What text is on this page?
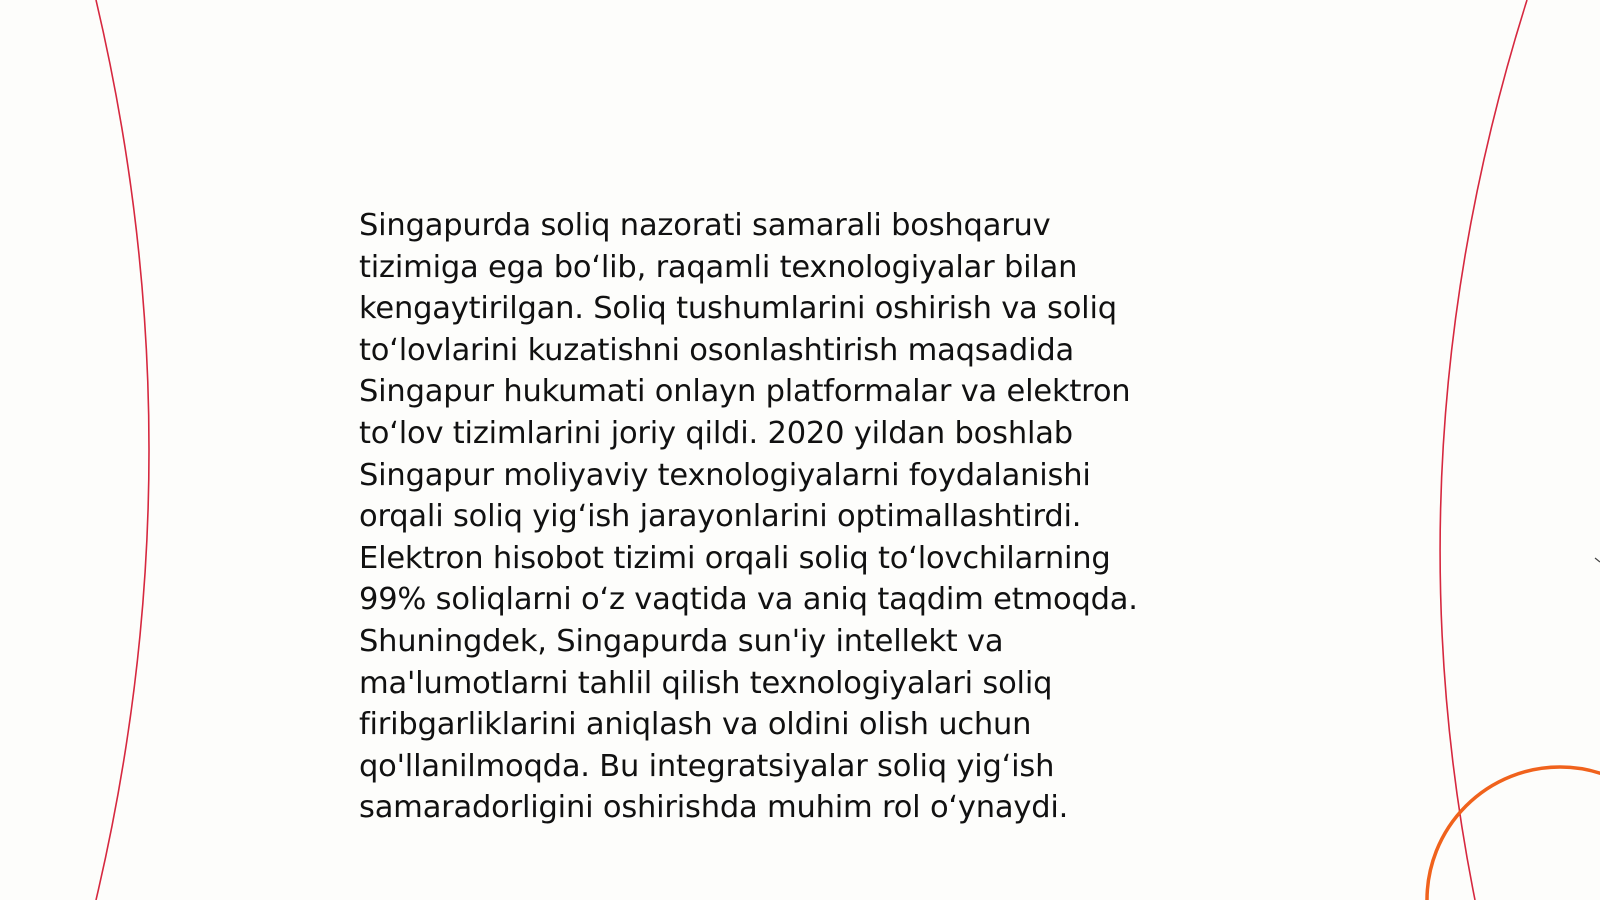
Singapurda soliq nazorati samarali boshqaruv
tizimiga ega bo‘lib, raqamli texnologiyalar bilan
kengaytirilgan. Soliq tushumlarini oshirish va soliq
to‘lovlarini kuzatishni osonlashtirish maqsadida
Singapur hukumati onlayn platformalar va elektron
to‘lov tizimlarini joriy qildi. 2020 yildan boshlab
Singapur moliyaviy texnologiyalarni foydalanishi
orqali soliq yig‘ish jarayonlarini optimallashtirdi.
Elektron hisobot tizimi orqali soliq to‘lovchilarning
99% soliqlarni o‘z vaqtida va aniq taqdim etmoqda.
Shuningdek, Singapurda sun'iy intellekt va
ma'lumotlarni tahlil qilish texnologiyalari soliq
firibgarliklarini aniqlash va oldini olish uchun
qo'llanilmoqda. Bu integratsiyalar soliq yig‘ish
samaradorligini oshirishda muhim rol o‘ynaydi.
